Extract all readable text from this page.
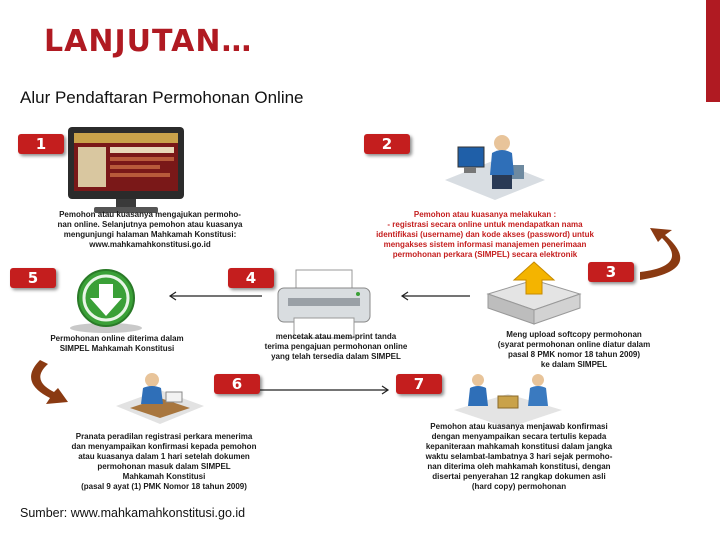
LANJUTAN…
Alur Pendaftaran Permohonan Online
1	2
3
4
5
6	7
Pemohon atau kuasanya mengajukan permoho-
nan online. Selanjutnya pemohon atau kuasanya
mengunjungi halaman Mahkamah Konstitusi:
www.mahkamahkonstitusi.go.id
Pemohon atau kuasanya melakukan :
- registrasi secara online untuk mendapatkan nama
identifikasi (username) dan kode akses (password) untuk
mengakses sistem informasi manajemen penerimaan
permohonan perkara (SIMPEL) secara elektronik
Meng upload softcopy permohonan
(syarat permohonan online diatur dalam
pasal 8 PMK nomor 18 tahun 2009)
ke dalam SIMPEL
mencetak atau mem-print tanda
terima pengajuan permohonan online
yang telah tersedia dalam SIMPEL
Permohonan online diterima dalam
SIMPEL Mahkamah Konstitusi
Pranata peradilan registrasi perkara menerima
dan menyampaikan konfirmasi kepada pemohon
atau kuasanya dalam 1 hari setelah dokumen
permohonan masuk dalam SIMPEL
Mahkamah Konstitusi
(pasal 9 ayat (1) PMK Nomor 18 tahun 2009)
Pemohon atau kuasanya menjawab konfirmasi
dengan menyampaikan secara tertulis kepada
kepaniteraan mahkamah konstitusi dalam jangka
waktu selambat-lambatnya 3 hari sejak permoho-
nan diterima oleh mahkamah konstitusi, dengan
disertai penyerahan 12 rangkap dokumen asli
(hard copy) permohonan
Sumber: www.mahkamahkonstitusi.go.id
